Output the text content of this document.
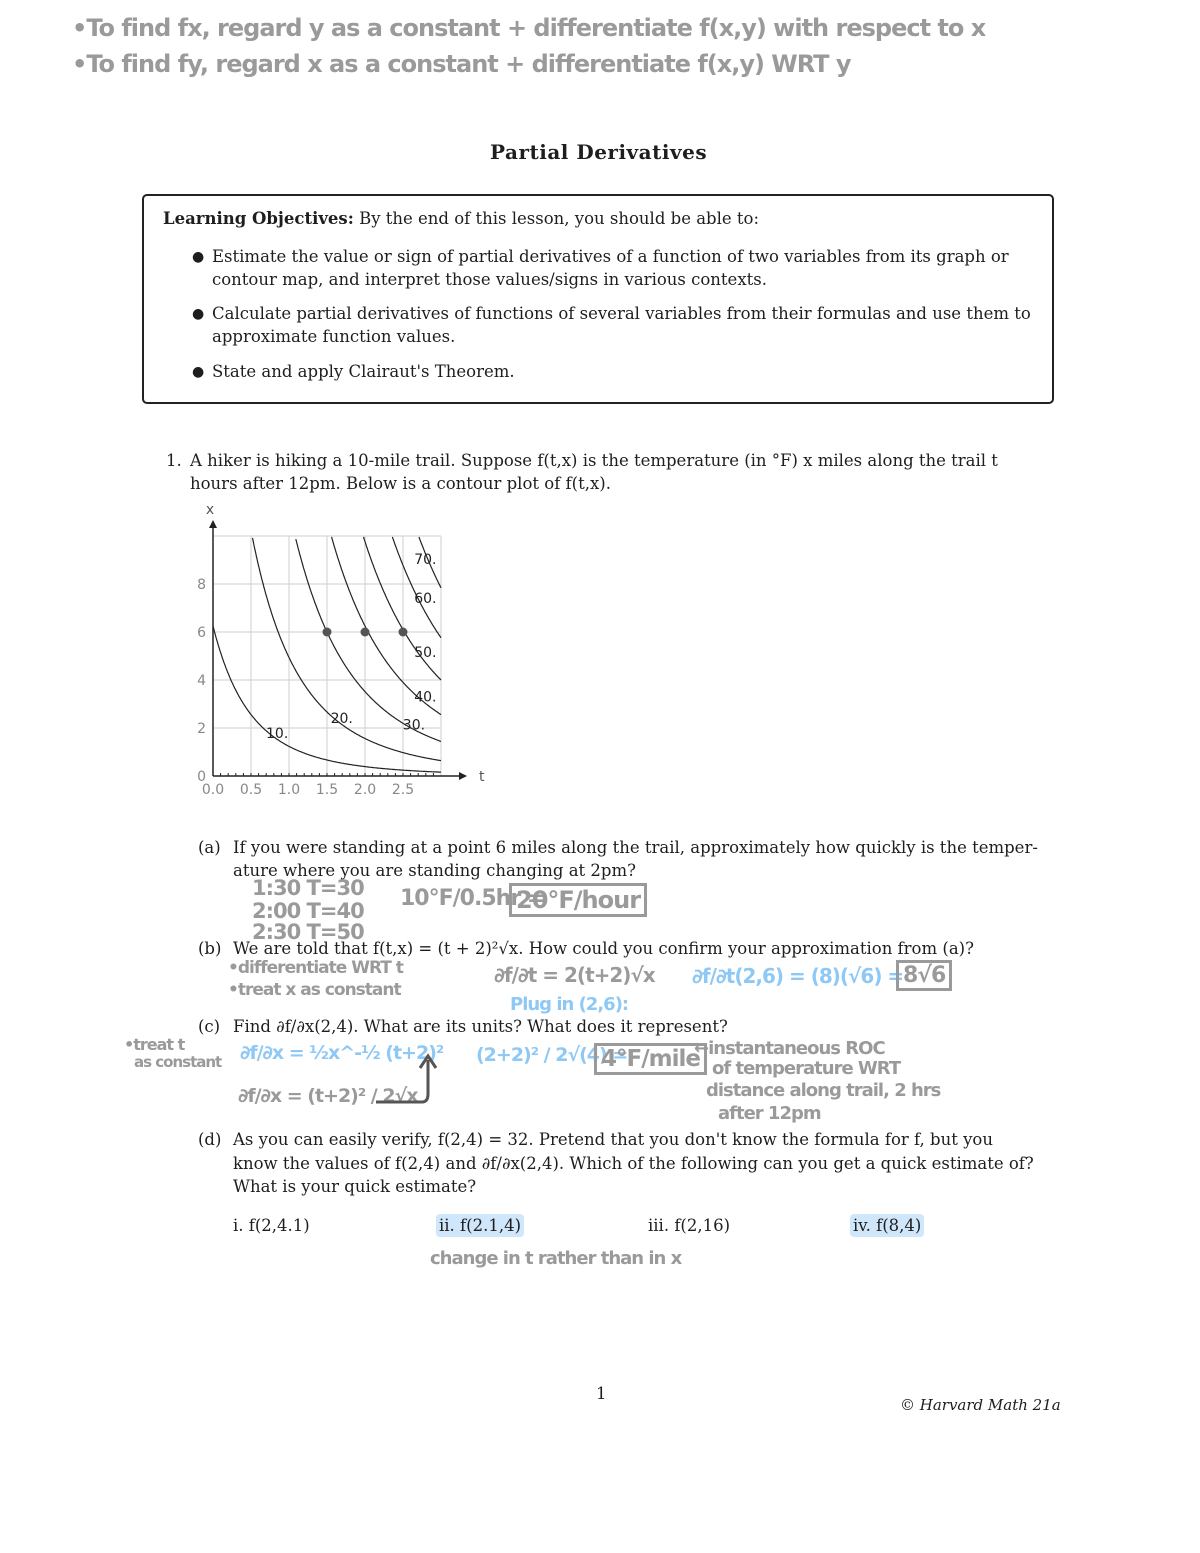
•To find fx, regard y as a constant + differentiate f(x,y) with respect to x
•To find fy, regard x as a constant + differentiate f(x,y) WRT y
Partial Derivatives
Learning Objectives: By the end of this lesson, you should be able to:
● Estimate the value or sign of partial derivatives of a function of two variables from its graph or
contour map, and interpret those values/signs in various contexts.
● Calculate partial derivatives of functions of several variables from their formulas and use them to
approximate function values.
● State and apply Clairaut's Theorem.
1. A hiker is hiking a 10-mile trail. Suppose f(t,x) is the temperature (in °F) x miles along the trail t
hours after 12pm. Below is a contour plot of f(t,x).
0.0 0.5 1.0 1.5 2.0 2.5
0
2
4
6
8
t
x
10.
20.	30.
40.
50.
60.
70.
(a) If you were standing at a point 6 miles along the trail, approximately how quickly is the temper-
ature where you are standing changing at 2pm?
1:30 T=30
2:00 T=40
2:30 T=50
10°F/0.5hr =
20°F/hour
(b) We are told that f(t,x) = (t + 2)²√x. How could you confirm your approximation from (a)?
•differentiate WRT t
•treat x as constant
∂f/∂t = 2(t+2)√x
Plug in (2,6):
∂f/∂t(2,6) = (8)(√6) = 8√6
(c) Find ∂f/∂x(2,4). What are its units? What does it represent?
•treat t
as constant ∂f/∂x = ½x^-½ (t+2)²
∂f/∂x = (t+2)² / 2√x
(2+2)² / 2√(4) =
4°F/mile
←instantaneous ROC
of temperature WRT
distance along trail, 2 hrs
after 12pm
(d) As you can easily verify, f(2,4) = 32. Pretend that you don't know the formula for f, but you
know the values of f(2,4) and ∂f/∂x(2,4). Which of the following can you get a quick estimate of?
What is your quick estimate?
i. f(2,4.1)	ii. f(2.1,4)	iii. f(2,16)	iv. f(8,4)
change in t rather than in x
1
© Harvard Math 21a
